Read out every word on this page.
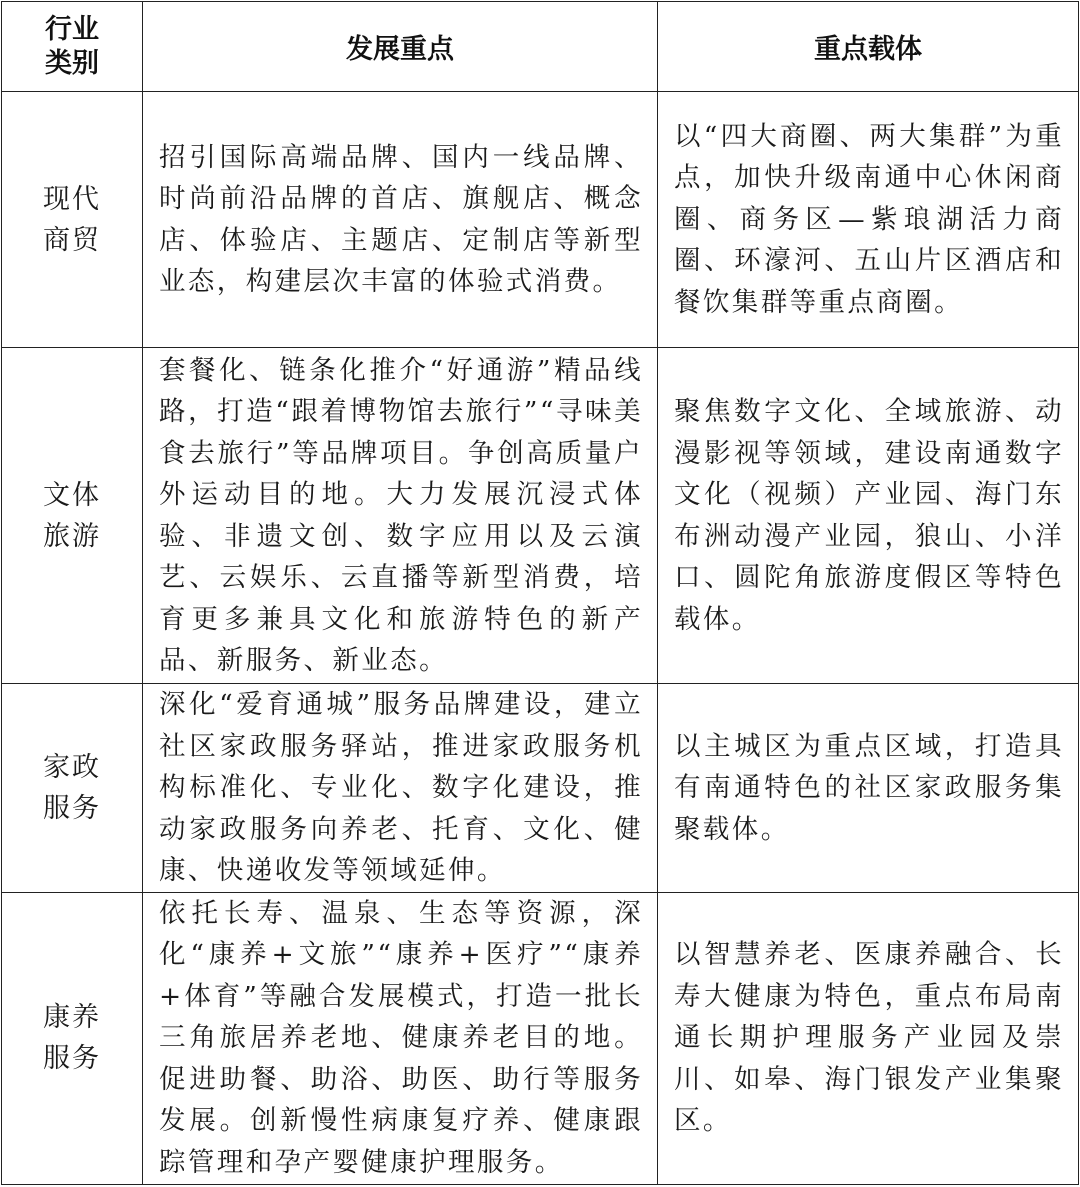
行业
类别	发展重点	重点载体

现代
商贸	招引国际高端品牌、国内一线品牌、时尚前沿品牌的首店、旗舰店、概念店、体验店、主题店、定制店等新型业态，构建层次丰富的体验式消费。	以“四大商圈、两大集群”为重点，加快升级南通中心休闲商圈、商务区—紫琅湖活力商圈、环濠河、五山片区酒店和餐饮集群等重点商圈。

文体
旅游	套餐化、链条化推介“好通游”精品线路，打造“跟着博物馆去旅行”“寻味美食去旅行”等品牌项目。争创高质量户外运动目的地。大力发展沉浸式体验、非遗文创、数字应用以及云演艺、云娱乐、云直播等新型消费，培育更多兼具文化和旅游特色的新产品、新服务、新业态。	聚焦数字文化、全域旅游、动漫影视等领域，建设南通数字文化（视频）产业园、海门东布洲动漫产业园，狼山、小洋口、圆陀角旅游度假区等特色载体。

家政
服务	深化“爱育通城”服务品牌建设，建立社区家政服务驿站，推进家政服务机构标准化、专业化、数字化建设，推动家政服务向养老、托育、文化、健康、快递收发等领域延伸。	以主城区为重点区域，打造具有南通特色的社区家政服务集聚载体。

康养
服务	依托长寿、温泉、生态等资源，深化“康养+文旅”“康养+医疗”“康养+体育”等融合发展模式，打造一批长三角旅居养老地、健康养老目的地。促进助餐、助浴、助医、助行等服务发展。创新慢性病康复疗养、健康跟踪管理和孕产婴健康护理服务。	以智慧养老、医康养融合、长寿大健康为特色，重点布局南通长期护理服务产业园及崇川、如皋、海门银发产业集聚区。
